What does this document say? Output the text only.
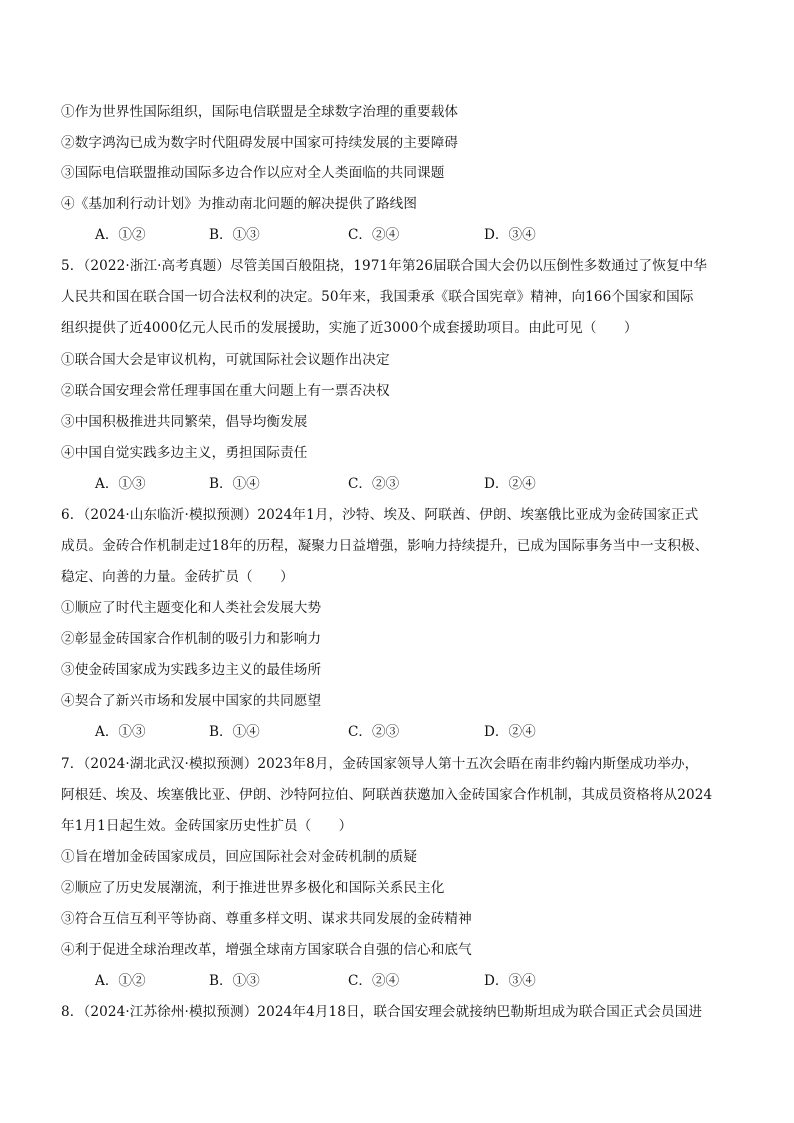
①作为世界性国际组织，国际电信联盟是全球数字治理的重要载体
②数字鸿沟已成为数字时代阻碍发展中国家可持续发展的主要障碍
③国际电信联盟推动国际多边合作以应对全人类面临的共同课题
④《基加利行动计划》为推动南北问题的解决提供了路线图
A．①②	B．①③	C．②④	D．③④
5．（2022·浙江·高考真题）尽管美国百般阻挠，1971年第26届联合国大会仍以压倒性多数通过了恢复中华
人民共和国在联合国一切合法权利的决定。50年来，我国秉承《联合国宪章》精神，向166个国家和国际
组织提供了近4000亿元人民币的发展援助，实施了近3000个成套援助项目。由此可见（　　）
①联合国大会是审议机构，可就国际社会议题作出决定
②联合国安理会常任理事国在重大问题上有一票否决权
③中国积极推进共同繁荣，倡导均衡发展
④中国自觉实践多边主义，勇担国际责任
A．①③	B．①④	C．②③	D．②④
6．（2024·山东临沂·模拟预测）2024年1月，沙特、埃及、阿联酋、伊朗、埃塞俄比亚成为金砖国家正式
成员。金砖合作机制走过18年的历程，凝聚力日益增强，影响力持续提升，已成为国际事务当中一支积极、
稳定、向善的力量。金砖扩员（　　）
①顺应了时代主题变化和人类社会发展大势
②彰显金砖国家合作机制的吸引力和影响力
③使金砖国家成为实践多边主义的最佳场所
④契合了新兴市场和发展中国家的共同愿望
A．①③	B．①④	C．②③	D．②④
7．（2024·湖北武汉·模拟预测）2023年8月，金砖国家领导人第十五次会晤在南非约翰内斯堡成功举办，
阿根廷、埃及、埃塞俄比亚、伊朗、沙特阿拉伯、阿联酋获邀加入金砖国家合作机制，其成员资格将从2024
年1月1日起生效。金砖国家历史性扩员（　　）
①旨在增加金砖国家成员，回应国际社会对金砖机制的质疑
②顺应了历史发展潮流，利于推进世界多极化和国际关系民主化
③符合互信互利平等协商、尊重多样文明、谋求共同发展的金砖精神
④利于促进全球治理改革，增强全球南方国家联合自强的信心和底气
A．①②	B．①③	C．②④	D．③④
8．（2024·江苏徐州·模拟预测）2024年4月18日，联合国安理会就接纳巴勒斯坦成为联合国正式会员国进
